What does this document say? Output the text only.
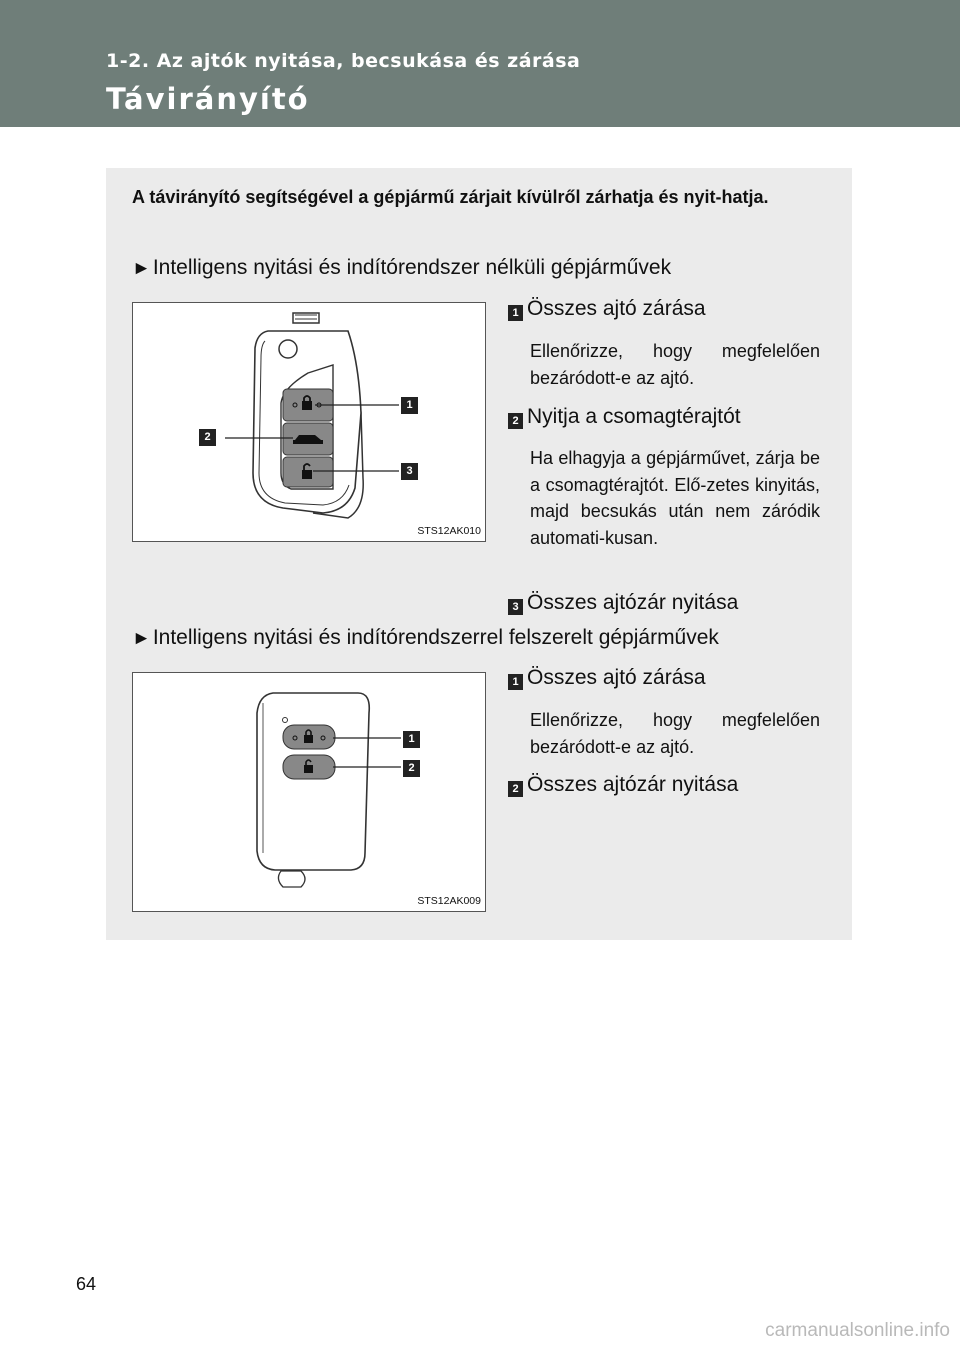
1-2. Az ajtók nyitása, becsukása és zárása
Távirányító
A távirányító segítségével a gépjármű zárjait kívülről zárhatja és nyit-hatja.
►Intelligens nyitási és indítórendszer nélküli gépjárművek
1
2
3
STS12AK010
1 Összes ajtó zárása
Ellenőrizze, hogy megfelelően bezáródott-e az ajtó.
2 Nyitja a csomagtérajtót
Ha elhagyja a gépjárművet, zárja be a csomagtérajtót. Elő-zetes kinyitás, majd becsukás után nem záródik automati-kusan.
3 Összes ajtózár nyitása
►Intelligens nyitási és indítórendszerrel felszerelt gépjárművek
1
2
STS12AK009
1 Összes ajtó zárása
Ellenőrizze, hogy megfelelően bezáródott-e az ajtó.
2 Összes ajtózár nyitása
64
carmanualsonline.info
